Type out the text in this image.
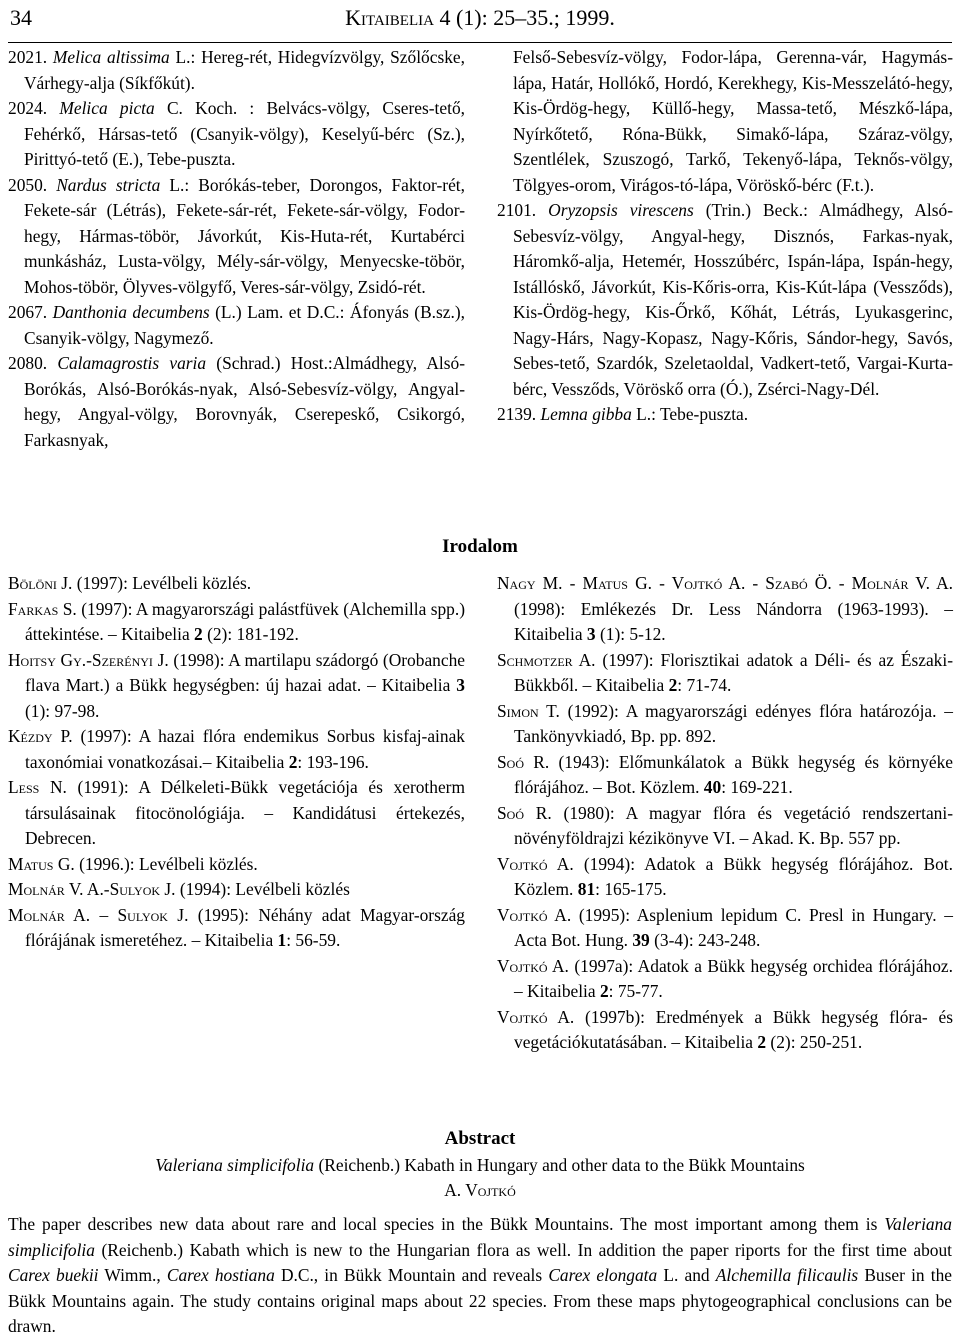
34	Kitaibelia 4 (1): 25–35.; 1999.

2021. Melica altissima L.: Hereg-rét, Hidegvízvölgy, Szőlőcske, Várhegy-alja (Síkfőkút).

2024. Melica picta C. Koch. : Belvács-völgy, Cseres-tető, Fehérkő, Hársas-tető (Csanyik-völgy), Keselyű-bérc (Sz.), Pirittyó-tető (E.), Tebe-puszta.

2050. Nardus stricta L.: Borókás-teber, Dorongos, Faktor-rét, Fekete-sár (Létrás), Fekete-sár-rét, Fekete-sár-völgy, Fodor-hegy, Hármas-töbör, Jávorkút, Kis-Huta-rét, Kurtabérci munkásház, Lusta-völgy, Mély-sár-völgy, Menyecske-töbör, Mohos-töbör, Ölyves-völgyfő, Veres-sár-völgy, Zsidó-rét.

2067. Danthonia decumbens (L.) Lam. et D.C.: Áfonyás (B.sz.), Csanyik-völgy, Nagymező.

2080. Calamagrostis varia (Schrad.) Host.:Almádhegy, Alsó-Borókás, Alsó-Borókás-nyak, Alsó-Sebesvíz-völgy, Angyal-hegy, Angyal-völgy, Borovnyák, Cserepeskő, Csikorgó, Farkasnyak,

Felső-Sebesvíz-völgy, Fodor-lápa, Gerenna-vár, Hagymás-lápa, Határ, Hollókő, Hordó, Kerekhegy, Kis-Messzelátó-hegy, Kis-Ördög-hegy, Küllő-hegy, Massa-tető, Mészkő-lápa, Nyírkőtető, Róna-Bükk, Simakő-lápa, Száraz-völgy, Szentlélek, Szuszogó, Tarkő, Tekenyő-lápa, Teknős-völgy, Tölgyes-orom, Virágos-tó-lápa, Vöröskő-bérc (F.t.).

2101. Oryzopsis virescens (Trin.) Beck.: Almádhegy, Alsó-Sebesvíz-völgy, Angyal-hegy, Disznós, Farkas-nyak, Háromkő-alja, Hetemér, Hosszúbérc, Ispán-lápa, Ispán-hegy, Istállóskő, Jávorkút, Kis-Kőris-orra, Kis-Kút-lápa (Vessződs), Kis-Ördög-hegy, Kis-Őrkő, Kőhát, Létrás, Lyukasgerinc, Nagy-Hárs, Nagy-Kopasz, Nagy-Kőris, Sándor-hegy, Savós, Sebes-tető, Szardók, Szeletaoldal, Vadkert-tető, Vargai-Kurta-bérc, Vessződs, Vöröskő orra (Ó.), Zsérci-Nagy-Dél.

2139. Lemna gibba L.: Tebe-puszta.

Irodalom

Bölöni J. (1997): Levélbeli közlés.

Farkas S. (1997): A magyarországi palástfüvek (Alchemilla spp.) áttekintése. – Kitaibelia 2 (2): 181-192.

Hoitsy Gy.-Szerényi J. (1998): A martilapu szádorgó (Orobanche flava Mart.) a Bükk hegységben: új hazai adat. – Kitaibelia 3 (1): 97-98.

Kézdy P. (1997): A hazai flóra endemikus Sorbus kisfaj-ainak taxonómiai vonatkozásai.– Kitaibelia 2: 193-196.

Less N. (1991): A Délkeleti-Bükk vegetációja és xerotherm társulásainak fitocönológiája. – Kandidátusi értekezés, Debrecen.

Matus G. (1996.): Levélbeli közlés.

Molnár V. A.-Sulyok J. (1994): Levélbeli közlés

Molnár A. – Sulyok J. (1995): Néhány adat Magyar-ország flórájának ismeretéhez. – Kitaibelia 1: 56-59.

Nagy M. - Matus G. - Vojtkó A. - Szabó Ö. - Molnár V. A.(1998): Emlékezés Dr. Less Nándorra (1963-1993). – Kitaibelia 3 (1): 5-12.

Schmotzer A. (1997): Florisztikai adatok a Déli- és az Északi-Bükkből. – Kitaibelia 2: 71-74.

Simon T. (1992): A magyarországi edényes flóra határozója. – Tankönyvkiadó, Bp. pp. 892.

Soó R. (1943): Előmunkálatok a Bükk hegység és környéke flórájához. – Bot. Közlem. 40: 169-221.

Soó R. (1980): A magyar flóra és vegetáció rendszertani- növényföldrajzi kézikönyve VI. – Akad. K. Bp. 557 pp.

Vojtkó A. (1994): Adatok a Bükk hegység flórájához. Bot. Közlem. 81: 165-175.

Vojtkó A. (1995): Asplenium lepidum C. Presl in Hungary. – Acta Bot. Hung. 39 (3-4): 243-248.

Vojtkó A. (1997a): Adatok a Bükk hegység orchidea flórájához. – Kitaibelia 2: 75-77.

Vojtkó A. (1997b): Eredmények a Bükk hegység flóra- és vegetációkutatásában. – Kitaibelia 2 (2): 250-251.

Abstract
Valeriana simplicifolia (Reichenb.) Kabath in Hungary and other data to the Bükk Mountains
A. Vojtkó
The paper describes new data about rare and local species in the Bükk Mountains. The most important among them is Valeriana simplicifolia (Reichenb.) Kabath which is new to the Hungarian flora as well. In addition the paper riports for the first time about Carex buekii Wimm., Carex hostiana D.C., in Bükk Mountain and reveals Carex elongata L. and Alchemilla filicaulis Buser in the Bükk Mountains again. The study contains original maps about 22 species. From these maps phytogeographical conclusions can be drawn.
